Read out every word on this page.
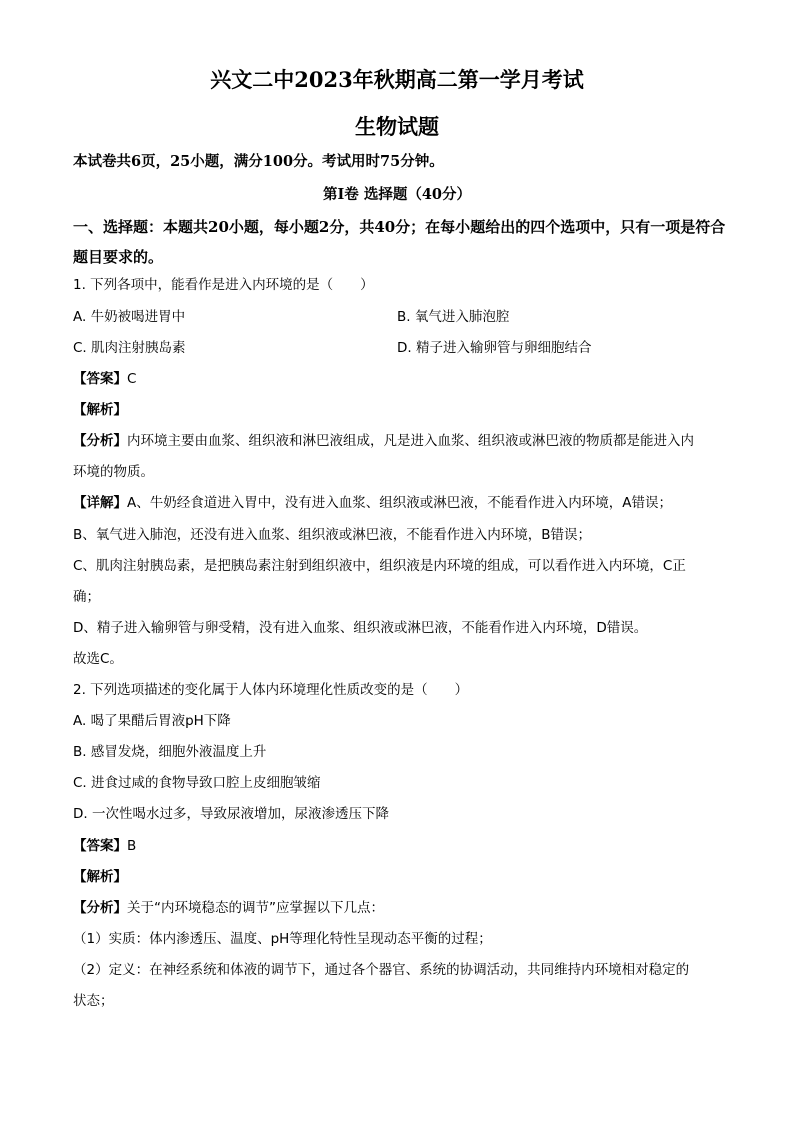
兴文二中2023年秋期高二第一学月考试
生物试题
本试卷共6页，25小题，满分100分。考试用时75分钟。
第Ⅰ卷 选择题（40分）
一、选择题：本题共20小题，每小题2分，共40分；在每小题给出的四个选项中，只有一项是符合题目要求的。
1. 下列各项中，能看作是进入内环境的是（　　）
A. 牛奶被喝进胃中	B. 氧气进入肺泡腔
C. 肌肉注射胰岛素	D. 精子进入输卵管与卵细胞结合
【答案】C
【解析】
【分析】内环境主要由血浆、组织液和淋巴液组成，凡是进入血浆、组织液或淋巴液的物质都是能进入内
环境的物质。
【详解】A、牛奶经食道进入胃中，没有进入血浆、组织液或淋巴液，不能看作进入内环境，A错误；
B、氧气进入肺泡，还没有进入血浆、组织液或淋巴液，不能看作进入内环境，B错误；
C、肌肉注射胰岛素，是把胰岛素注射到组织液中，组织液是内环境的组成，可以看作进入内环境，C正
确；
D、精子进入输卵管与卵受精，没有进入血浆、组织液或淋巴液，不能看作进入内环境，D错误。
故选C。
2. 下列选项描述的变化属于人体内环境理化性质改变的是（　　）
A. 喝了果醋后胃液pH下降
B. 感冒发烧，细胞外液温度上升
C. 进食过咸的食物导致口腔上皮细胞皱缩
D. 一次性喝水过多，导致尿液增加，尿液渗透压下降
【答案】B
【解析】
【分析】关于“内环境稳态的调节”应掌握以下几点：
（1）实质：体内渗透压、温度、pH等理化特性呈现动态平衡的过程；
（2）定义：在神经系统和体液的调节下，通过各个器官、系统的协调活动，共同维持内环境相对稳定的
状态；
